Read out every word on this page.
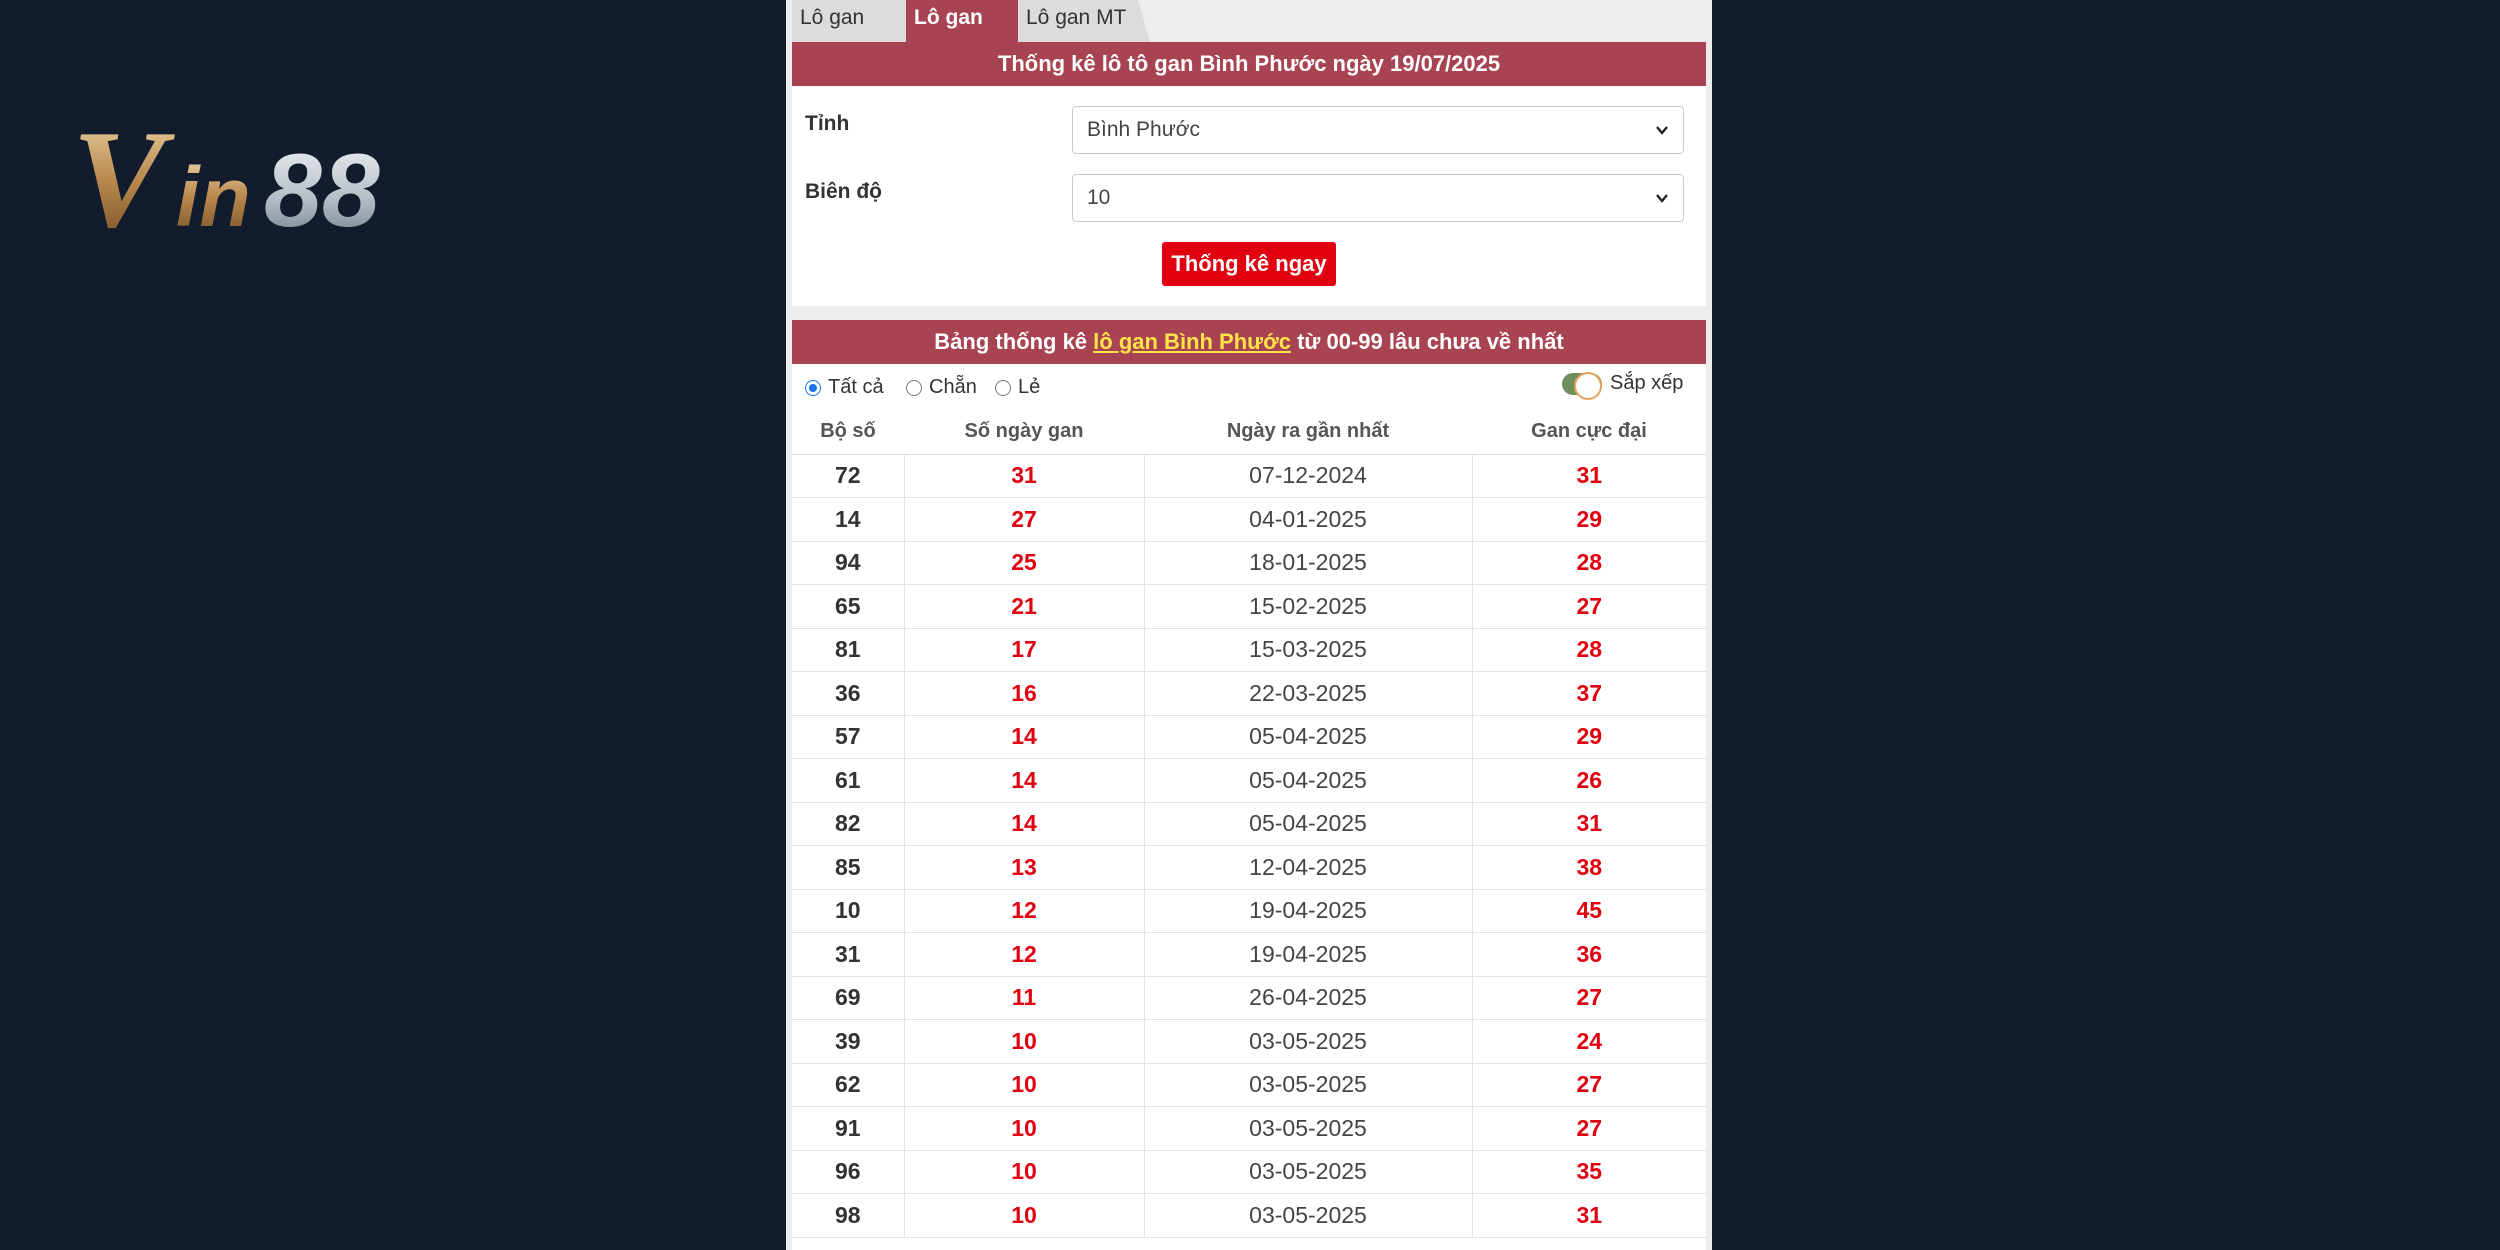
V in 88
Lô gan	Lô gan	Lô gan MT
Thống kê lô tô gan Bình Phước ngày 19/07/2025
Tỉnh	Bình Phước
Biên độ	10
Thống kê ngay
Bảng thống kê lô gan Bình Phước từ 00-99 lâu chưa về nhất
Tất cả Chẵn Lẻ	Sắp xếp
Bộ số	Số ngày gan	Ngày ra gần nhất	Gan cực đại
72	31	07-12-2024	31
14	27	04-01-2025	29
94	25	18-01-2025	28
65	21	15-02-2025	27
81	17	15-03-2025	28
36	16	22-03-2025	37
57	14	05-04-2025	29
61	14	05-04-2025	26
82	14	05-04-2025	31
85	13	12-04-2025	38
10	12	19-04-2025	45
31	12	19-04-2025	36
69	11	26-04-2025	27
39	10	03-05-2025	24
62	10	03-05-2025	27
91	10	03-05-2025	27
96	10	03-05-2025	35
98	10	03-05-2025	31
